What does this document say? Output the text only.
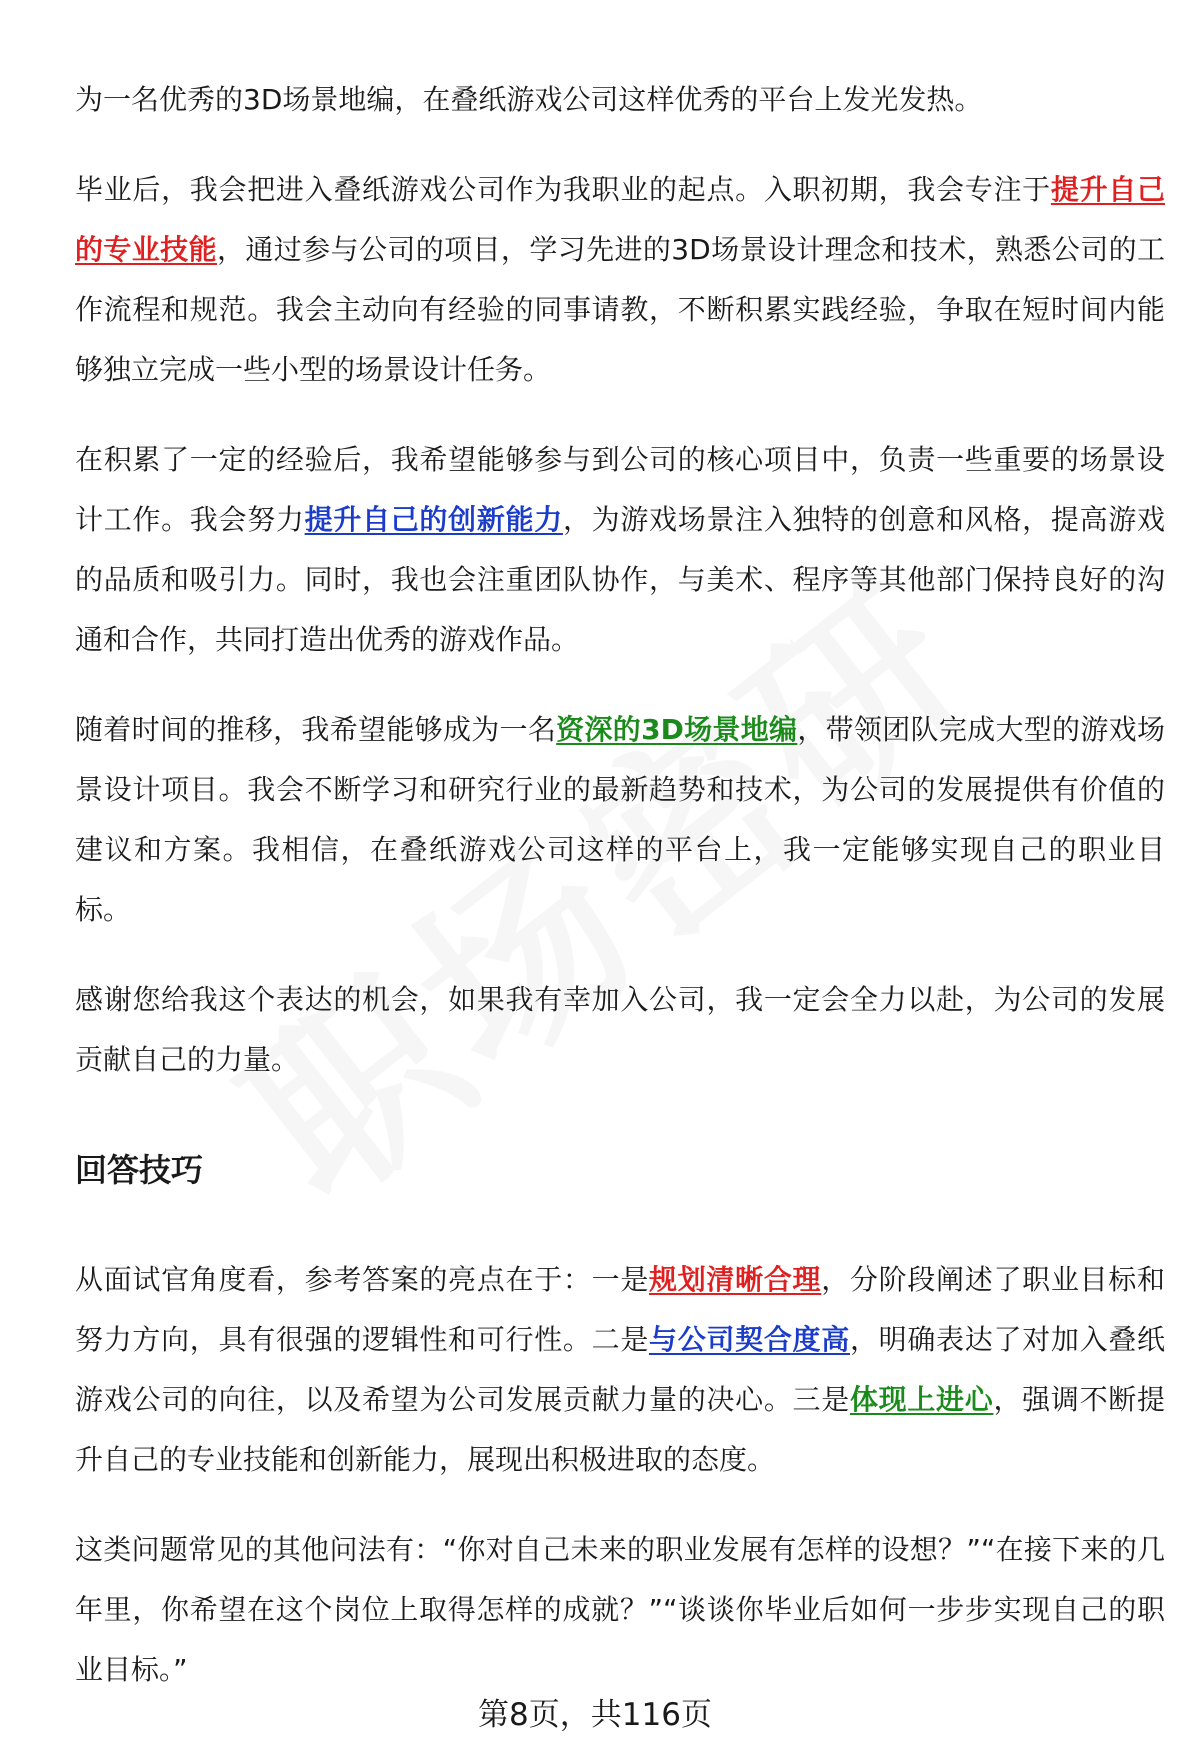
为一名优秀的3D场景地编，在叠纸游戏公司这样优秀的平台上发光发热。

毕业后，我会把进入叠纸游戏公司作为我职业的起点。入职初期，我会专注于提升自己的专业技能，通过参与公司的项目，学习先进的3D场景设计理念和技术，熟悉公司的工作流程和规范。我会主动向有经验的同事请教，不断积累实践经验，争取在短时间内能够独立完成一些小型的场景设计任务。

在积累了一定的经验后，我希望能够参与到公司的核心项目中，负责一些重要的场景设计工作。我会努力提升自己的创新能力，为游戏场景注入独特的创意和风格，提高游戏的品质和吸引力。同时，我也会注重团队协作，与美术、程序等其他部门保持良好的沟通和合作，共同打造出优秀的游戏作品。

随着时间的推移，我希望能够成为一名资深的3D场景地编，带领团队完成大型的游戏场景设计项目。我会不断学习和研究行业的最新趋势和技术，为公司的发展提供有价值的建议和方案。我相信，在叠纸游戏公司这样的平台上，我一定能够实现自己的职业目标。

感谢您给我这个表达的机会，如果我有幸加入公司，我一定会全力以赴，为公司的发展贡献自己的力量。

回答技巧

从面试官角度看，参考答案的亮点在于：一是规划清晰合理，分阶段阐述了职业目标和努力方向，具有很强的逻辑性和可行性。二是与公司契合度高，明确表达了对加入叠纸游戏公司的向往，以及希望为公司发展贡献力量的决心。三是体现上进心，强调不断提升自己的专业技能和创新能力，展现出积极进取的态度。

这类问题常见的其他问法有：“你对自己未来的职业发展有怎样的设想？”“在接下来的几年里，你希望在这个岗位上取得怎样的成就？”“谈谈你毕业后如何一步步实现自己的职业目标。”

第8页，共116页
